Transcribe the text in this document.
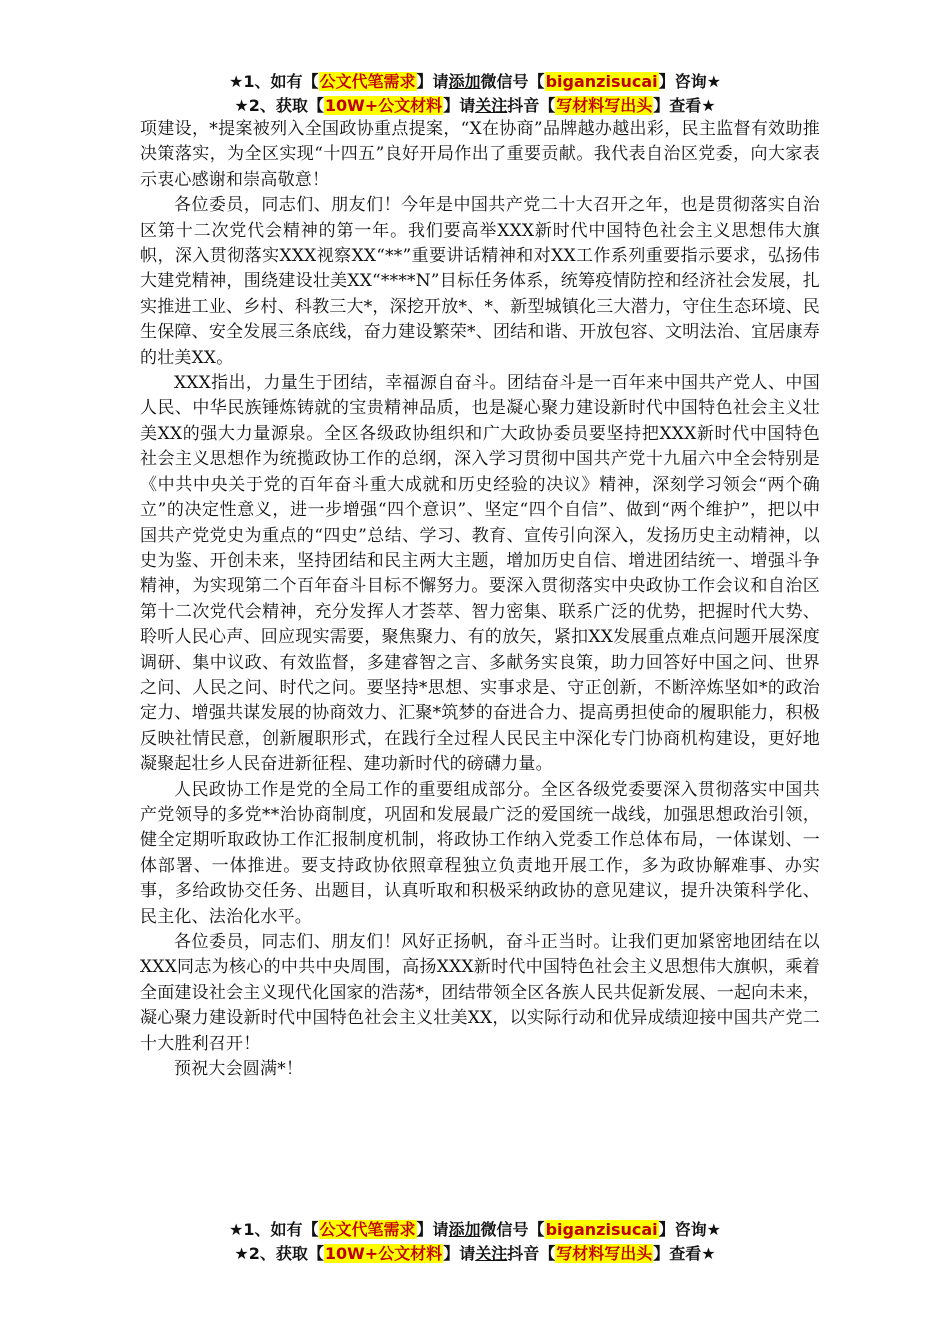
★1、如有【公文代笔需求】请添加微信号【biganzisucai】咨询★
★2、获取【10W+公文材料】请关注抖音【写材料写出头】查看★

项建设，*提案被列入全国政协重点提案，“X在协商”品牌越办越出彩，民主监督有效助推决策落实，为全区实现“十四五”良好开局作出了重要贡献。我代表自治区党委，向大家表示衷心感谢和崇高敬意！

各位委员，同志们、朋友们！今年是中国共产党二十大召开之年，也是贯彻落实自治区第十二次党代会精神的第一年。我们要高举XXX新时代中国特色社会主义思想伟大旗帜，深入贯彻落实XXX视察XX“**”重要讲话精神和对XX工作系列重要指示要求，弘扬伟大建党精神，围绕建设壮美XX“****N”目标任务体系，统筹疫情防控和经济社会发展，扎实推进工业、乡村、科教三大*，深挖开放*、*、新型城镇化三大潜力，守住生态环境、民生保障、安全发展三条底线，奋力建设繁荣*、团结和谐、开放包容、文明法治、宜居康寿的壮美XX。

XXX指出，力量生于团结，幸福源自奋斗。团结奋斗是一百年来中国共产党人、中国人民、中华民族锤炼铸就的宝贵精神品质，也是凝心聚力建设新时代中国特色社会主义壮美XX的强大力量源泉。全区各级政协组织和广大政协委员要坚持把XXX新时代中国特色社会主义思想作为统揽政协工作的总纲，深入学习贯彻中国共产党十九届六中全会特别是《中共中央关于党的百年奋斗重大成就和历史经验的决议》精神，深刻学习领会“两个确立”的决定性意义，进一步增强“四个意识”、坚定“四个自信”、做到“两个维护”，把以中国共产党党史为重点的“四史”总结、学习、教育、宣传引向深入，发扬历史主动精神，以史为鉴、开创未来，坚持团结和民主两大主题，增加历史自信、增进团结统一、增强斗争精神，为实现第二个百年奋斗目标不懈努力。要深入贯彻落实中央政协工作会议和自治区第十二次党代会精神，充分发挥人才荟萃、智力密集、联系广泛的优势，把握时代大势、聆听人民心声、回应现实需要，聚焦聚力、有的放矢，紧扣XX发展重点难点问题开展深度调研、集中议政、有效监督，多建睿智之言、多献务实良策，助力回答好中国之问、世界之问、人民之问、时代之问。要坚持*思想、实事求是、守正创新，不断淬炼坚如*的政治定力、增强共谋发展的协商效力、汇聚*筑梦的奋进合力、提高勇担使命的履职能力，积极反映社情民意，创新履职形式，在践行全过程人民民主中深化专门协商机构建设，更好地凝聚起壮乡人民奋进新征程、建功新时代的磅礴力量。

人民政协工作是党的全局工作的重要组成部分。全区各级党委要深入贯彻落实中国共产党领导的多党**治协商制度，巩固和发展最广泛的爱国统一战线，加强思想政治引领，健全定期听取政协工作汇报制度机制，将政协工作纳入党委工作总体布局，一体谋划、一体部署、一体推进。要支持政协依照章程独立负责地开展工作，多为政协解难事、办实事，多给政协交任务、出题目，认真听取和积极采纳政协的意见建议，提升决策科学化、民主化、法治化水平。

各位委员，同志们、朋友们！风好正扬帆，奋斗正当时。让我们更加紧密地团结在以XXX同志为核心的中共中央周围，高扬XXX新时代中国特色社会主义思想伟大旗帜，乘着全面建设社会主义现代化国家的浩荡*，团结带领全区各族人民共促新发展、一起向未来，凝心聚力建设新时代中国特色社会主义壮美XX，以实际行动和优异成绩迎接中国共产党二十大胜利召开！

预祝大会圆满*！

★1、如有【公文代笔需求】请添加微信号【biganzisucai】咨询★
★2、获取【10W+公文材料】请关注抖音【写材料写出头】查看★
